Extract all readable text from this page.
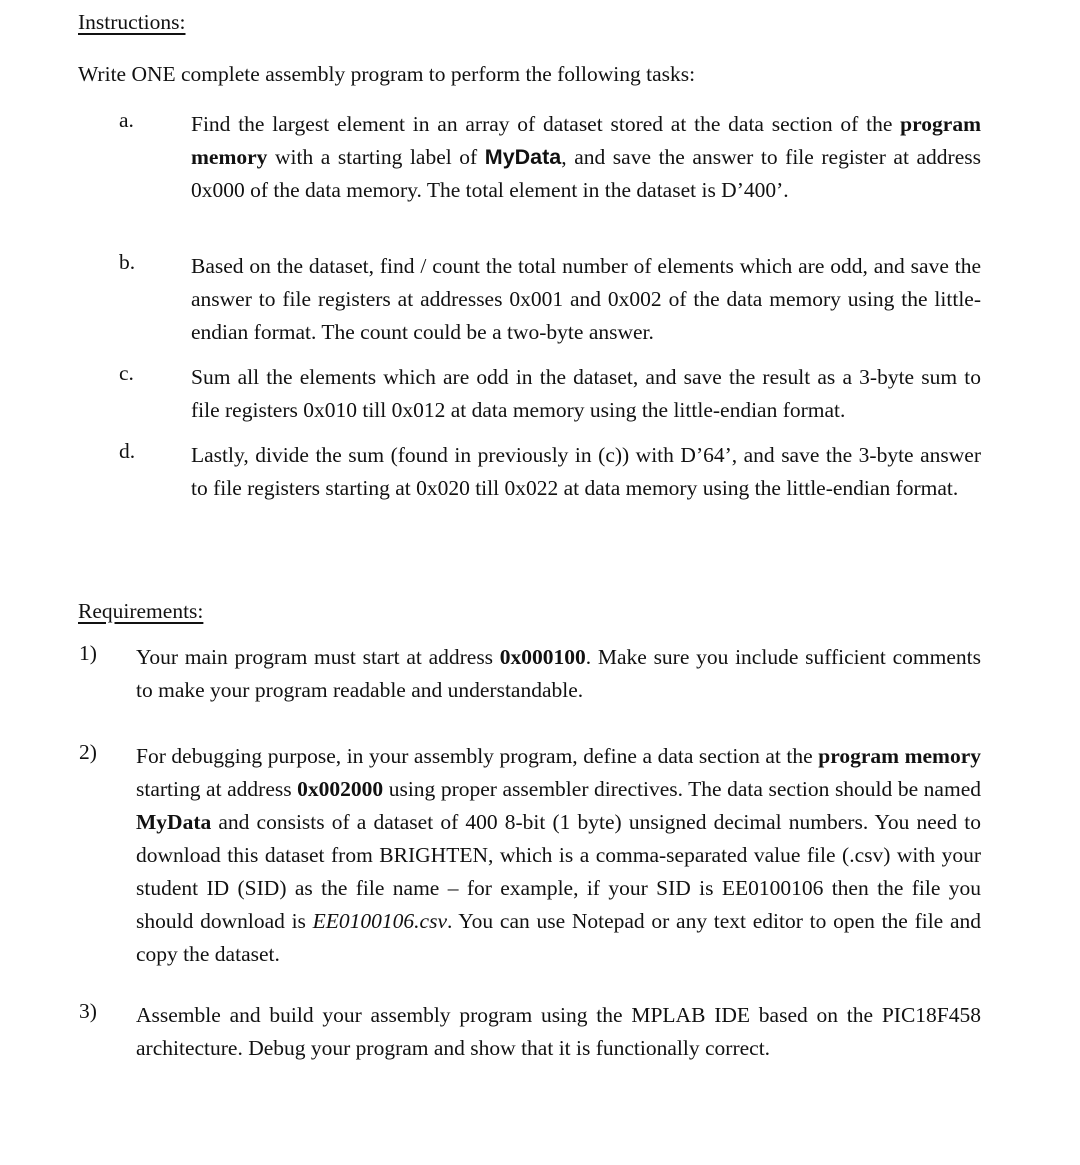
Instructions:
Write ONE complete assembly program to perform the following tasks:
a.	Find the largest element in an array of dataset stored at the data section of the program memory with a starting label of MyData, and save the answer to file register at address 0x000 of the data memory. The total element in the dataset is D’400’.
b.	Based on the dataset, find / count the total number of elements which are odd, and save the answer to file registers at addresses 0x001 and 0x002 of the data memory using the little-endian format. The count could be a two-byte answer.
c.	Sum all the elements which are odd in the dataset, and save the result as a 3-byte sum to file registers 0x010 till 0x012 at data memory using the little-endian format.
d.	Lastly, divide the sum (found in previously in (c)) with D’64’, and save the 3-byte answer to file registers starting at 0x020 till 0x022 at data memory using the little-endian format.
Requirements:
1) Your main program must start at address 0x000100. Make sure you include sufficient comments to make your program readable and understandable.
2) For debugging purpose, in your assembly program, define a data section at the program memory starting at address 0x002000 using proper assembler directives. The data section should be named MyData and consists of a dataset of 400 8-bit (1 byte) unsigned decimal numbers. You need to download this dataset from BRIGHTEN, which is a comma-separated value file (.csv) with your student ID (SID) as the file name – for example, if your SID is EE0100106 then the file you should download is EE0100106.csv. You can use Notepad or any text editor to open the file and copy the dataset.
3) Assemble and build your assembly program using the MPLAB IDE based on the PIC18F458 architecture. Debug your program and show that it is functionally correct.
